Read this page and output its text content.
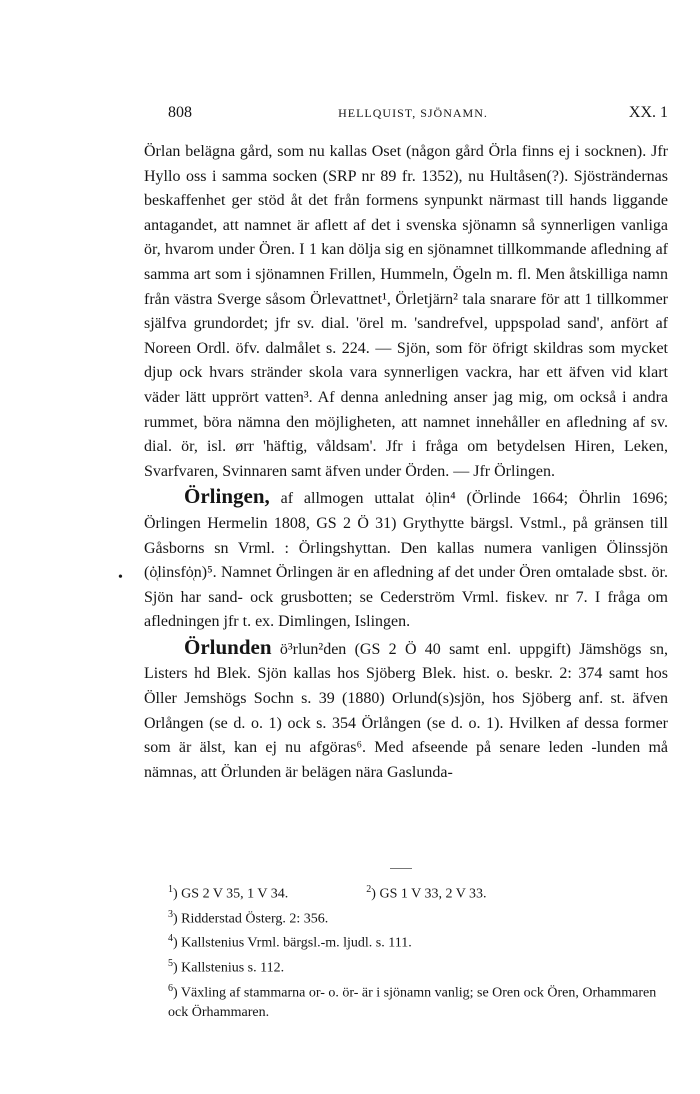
808	HELLQUIST, SJÖNAMN.	XX. 1
•

Örlan belägna gård, som nu kallas Oset (någon gård Örla finns ej i socknen). Jfr Hyllo oss i samma socken (SRP nr 89 fr. 1352), nu Hultåsen(?). Sjösträndernas beskaffenhet ger stöd åt det från formens synpunkt närmast till hands liggande antagandet, att namnet är aflett af det i svenska sjönamn så synnerligen vanliga ör, hvarom under Ören. I 1 kan dölja sig en sjönamnet tillkommande afledning af samma art som i sjönamnen Frillen, Hummeln, Ögeln m. fl. Men åtskilliga namn från västra Sverge såsom Örlevattnet¹, Örletjärn² tala snarare för att 1 tillkommer själfva grundordet; jfr sv. dial. 'örel m. 'sandrefvel, uppspolad sand', anfört af Noreen Ordl. öfv. dalmålet s. 224. — Sjön, som för öfrigt skildras som mycket djup ock hvars stränder skola vara synnerligen vackra, har ett äfven vid klart väder lätt upprört vatten³. Af denna anledning anser jag mig, om också i andra rummet, böra nämna den möjligheten, att namnet innehåller en afledning af sv. dial. ör, isl. ørr 'häftig, våldsam'. Jfr i fråga om betydelsen Hiren, Leken, Svarfvaren, Svinnaren samt äfven under Örden. — Jfr Örlingen.

Örlingen, af allmogen uttalat ȯ̜lin⁴ (Örlinde 1664; Öhrlin 1696; Örlingen Hermelin 1808, GS 2 Ö 31) Grythytte bärgsl. Vstml., på gränsen till Gåsborns sn Vrml. : Örlingshyttan. Den kallas numera vanligen Ölinssjön (ȯ̜linsfȯ̜n)⁵. Namnet Örlingen är en afledning af det under Ören omtalade sbst. ör. Sjön har sand- ock grusbotten; se Cederström Vrml. fiskev. nr 7. I fråga om afledningen jfr t. ex. Dimlingen, Islingen.

Örlunden ö³rlun²den (GS 2 Ö 40 samt enl. uppgift) Jämshögs sn, Listers hd Blek. Sjön kallas hos Sjöberg Blek. hist. o. beskr. 2: 374 samt hos Öller Jemshögs Sochn s. 39 (1880) Orlund(s)sjön, hos Sjöberg anf. st. äfven Orlången (se d. o. 1) ock s. 354 Örlången (se d. o. 1). Hvilken af dessa former som är älst, kan ej nu afgöras⁶. Med afseende på senare leden -lunden må nämnas, att Örlunden är belägen nära Gaslunda-

$^1$) GS 2 V 35, 1 V 34.	$^2$) GS 1 V 33, 2 V 33.
$^3$) Ridderstad Österg. 2: 356.
$^4$) Kallstenius Vrml. bärgsl.-m. ljudl. s. 111.
$^5$) Kallstenius s. 112.
$^6$) Växling af stammarna or- o. ör- är i sjönamn vanlig; se Oren ock Ören, Orhammaren ock Örhammaren.
